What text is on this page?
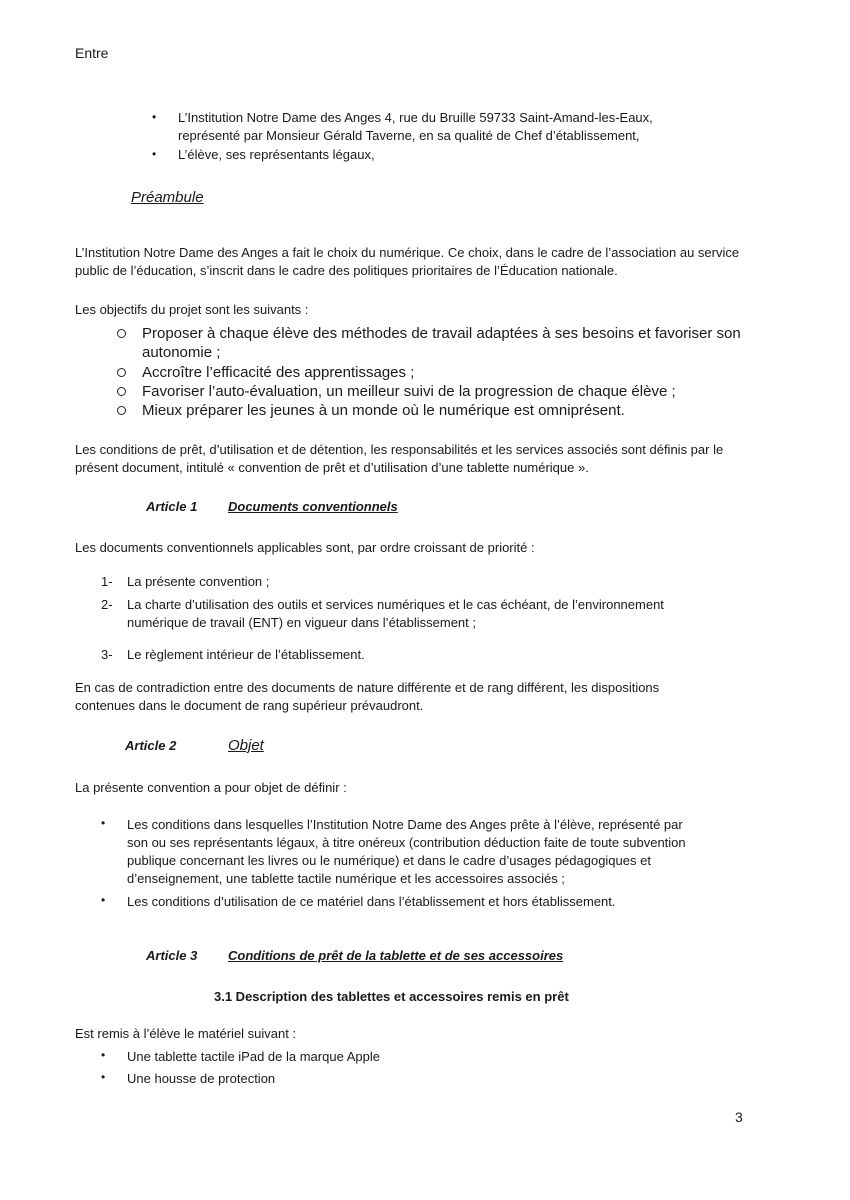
Entre

• L’Institution Notre Dame des Anges 4, rue du Bruille 59733 Saint-Amand-les-Eaux,

représenté par Monsieur Gérald Taverne, en sa qualité de Chef d’établissement,

• L’élève, ses représentants légaux,

Préambule

L’Institution Notre Dame des Anges a fait le choix du numérique. Ce choix, dans le cadre de l’association au service

public de l’éducation, s’inscrit dans le cadre des politiques prioritaires de l’Éducation nationale.

Les objectifs du projet sont les suivants :

Proposer à chaque élève des méthodes de travail adaptées à ses besoins et favoriser son

autonomie ;

Accroître l’efficacité des apprentissages ;

Favoriser l’auto-évaluation, un meilleur suivi de la progression de chaque élève ;

Mieux préparer les jeunes à un monde où le numérique est omniprésent.

Les conditions de prêt, d’utilisation et de détention, les responsabilités et les services associés sont définis par le

présent document, intitulé « convention de prêt et d’utilisation d’une tablette numérique ».

Article 1 Documents conventionnels

Les documents conventionnels applicables sont, par ordre croissant de priorité :

1- La présente convention ;

2- La charte d’utilisation des outils et services numériques et le cas échéant, de l’environnement

numérique de travail (ENT) en vigueur dans l’établissement ;

3- Le règlement intérieur de l’établissement.

En cas de contradiction entre des documents de nature différente et de rang différent, les dispositions

contenues dans le document de rang supérieur prévaudront.

Article 2	Objet

La présente convention a pour objet de définir :

• Les conditions dans lesquelles l’Institution Notre Dame des Anges prête à l’élève, représenté par

son ou ses représentants légaux, à titre onéreux (contribution déduction faite de toute subvention

publique concernant les livres ou le numérique) et dans le cadre d’usages pédagogiques et

d’enseignement, une tablette tactile numérique et les accessoires associés ;

• Les conditions d’utilisation de ce matériel dans l’établissement et hors établissement.

Article 3 Conditions de prêt de la tablette et de ses accessoires

3.1 Description des tablettes et accessoires remis en prêt

Est remis à l’élève le matériel suivant :

• Une tablette tactile iPad de la marque Apple

• Une housse de protection

3
